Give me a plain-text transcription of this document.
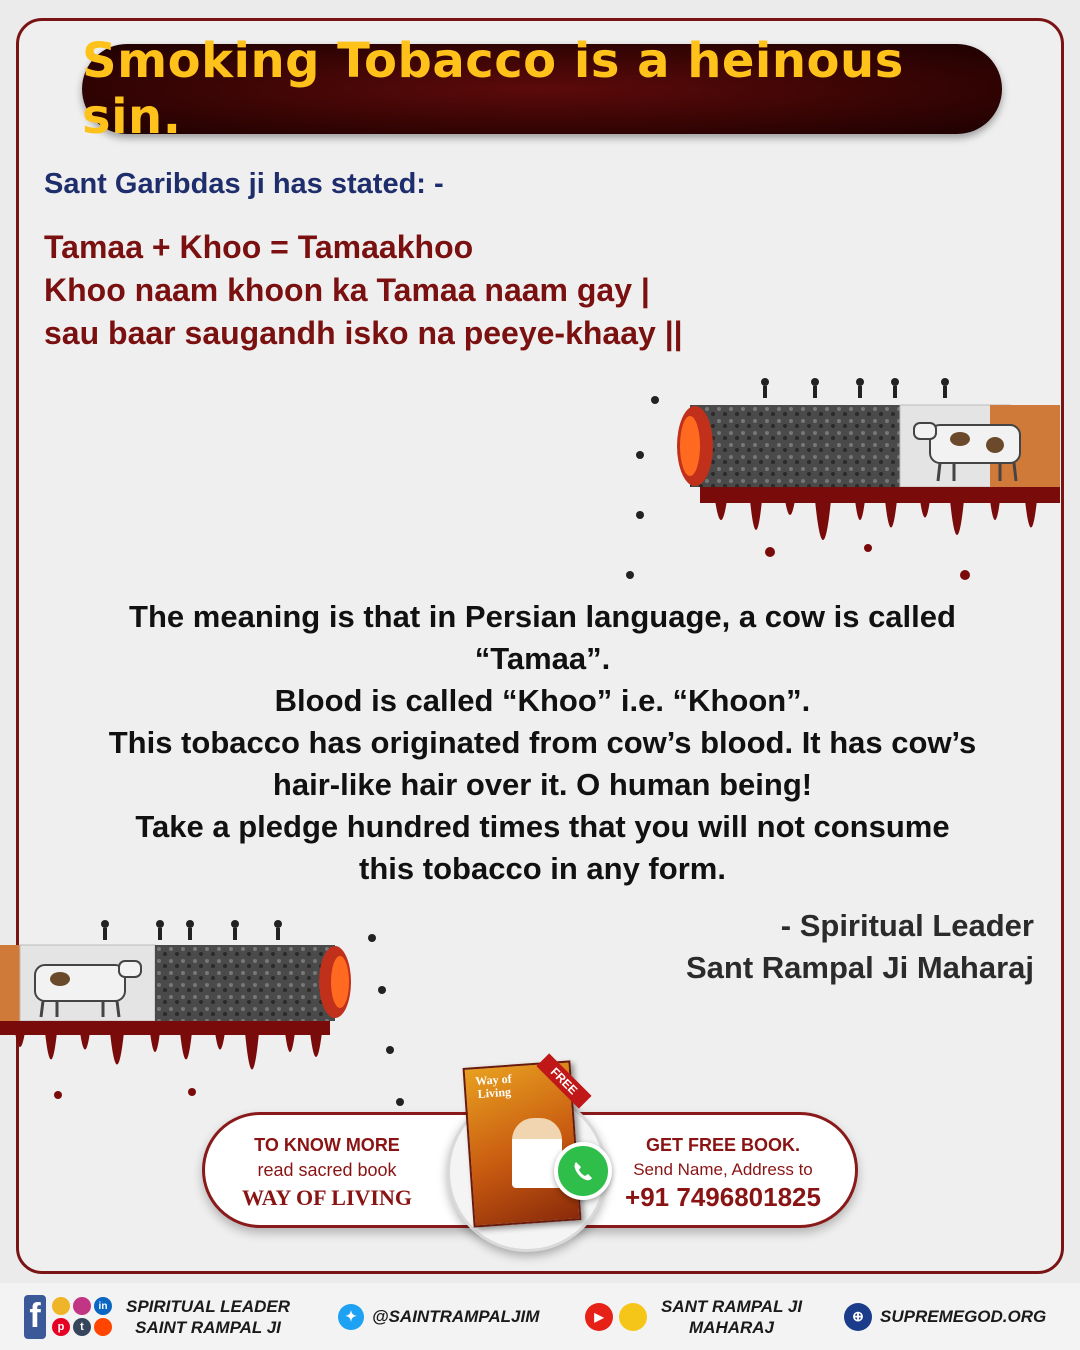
Smoking Tobacco is a heinous sin.
Sant Garibdas ji has stated: -
Tamaa + Khoo = Tamaakhoo
Khoo naam khoon ka Tamaa naam gay |
sau baar saugandh isko na peeye-khaay ||
The meaning is that in Persian language, a cow is called
“Tamaa”.
Blood is called “Khoo” i.e. “Khoon”.
This tobacco has originated from cow’s blood. It has cow’s
hair-like hair over it. O human being!
Take a pledge hundred times that you will not consume
this tobacco in any form.
- Spiritual Leader
Sant Rampal Ji Maharaj
TO KNOW MORE
read sacred book
WAY OF LIVING
GET FREE BOOK.
Send Name, Address to
+91 7496801825
Way of Living	FREE
f	in
p	t
SPIRITUAL LEADER
SAINT RAMPAL JI
✦ @SAINTRAMPALJIM	▶
SANT RAMPAL JI
MAHARAJ
⊕ SUPREMEGOD.ORG
